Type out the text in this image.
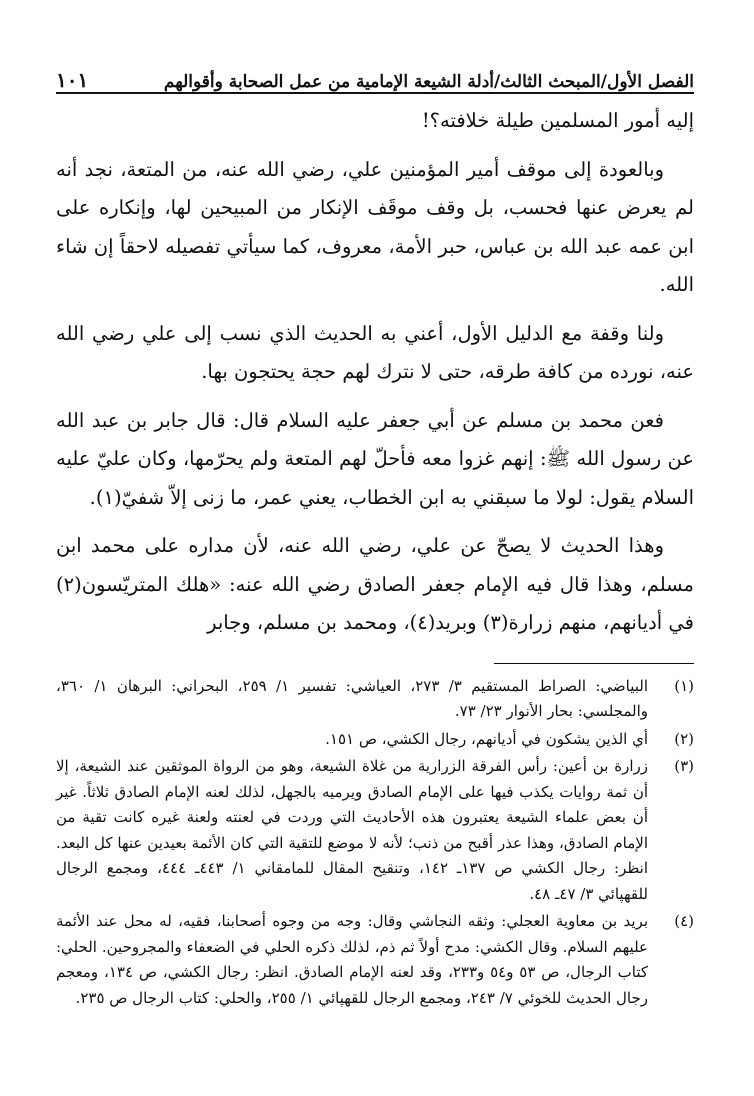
الفصل الأول/المبحث الثالث/أدلة الشيعة الإمامية من عمل الصحابة وأقوالهم
١٠١

إليه أمور المسلمين طيلة خلافته؟!

وبالعودة إلى موقف أمير المؤمنين علي، رضي الله عنه، من المتعة، نجد أنه لم يعرض عنها فحسب، بل وقف موقَف الإنكار من المبيحين لها، وإنكاره على ابن عمه عبد الله بن عباس، حبر الأمة، معروف، كما سيأتي تفصيله لاحقاً إن شاء الله.

ولنا وقفة مع الدليل الأول، أعني به الحديث الذي نسب إلى علي رضي الله عنه، نورده من كافة طرقه، حتى لا نترك لهم حجة يحتجون بها.

فعن محمد بن مسلم عن أبي جعفر عليه السلام قال: قال جابر بن عبد الله عن رسول الله ﷺ: إنهم غزوا معه فأحلّ لهم المتعة ولم يحرّمها، وكان عليّ عليه السلام يقول: لولا ما سبقني به ابن الخطاب، يعني عمر، ما زنى إلاّ شفيّ(١).

وهذا الحديث لا يصحّ عن علي، رضي الله عنه، لأن مداره على محمد ابن مسلم، وهذا قال فيه الإمام جعفر الصادق رضي الله عنه: «هلك المتريّسون(٢) في أديانهم، منهم زرارة(٣) وبريد(٤)، ومحمد بن مسلم، وجابر

(١)
البياضي: الصراط المستقيم ٣/ ٢٧٣، العياشي: تفسير ١/ ٢٥٩، البحراني: البرهان ١/ ٣٦٠، والمجلسي: بحار الأنوار ٢٣/ ٧٣.
(٢)
أي الذين يشكون في أديانهم، رجال الكشي، ص ١٥١.
(٣)
زرارة بن أعين: رأس الفرقة الزرارية من غلاة الشيعة، وهو من الرواة الموثقين عند الشيعة، إلا أن ثمة روايات يكذب فيها على الإمام الصادق ويرميه بالجهل، لذلك لعنه الإمام الصادق ثلاثاً. غير أن بعض علماء الشيعة يعتبرون هذه الأحاديث التي وردت في لعنته ولعنة غيره كانت تقية من الإمام الصادق، وهذا عذر أقبح من ذنب؛ لأنه لا موضع للتقية التي كان الأئمة بعيدين عنها كل البعد. انظر: رجال الكشي ص ١٣٧ـ ١٤٢، وتنقيح المقال للمامقاني ١/ ٤٤٣ـ ٤٤٤، ومجمع الرجال للقهپائي ٣/ ٤٧ـ ٤٨.
(٤)
بريد بن معاوية العجلي: وثقه النجاشي وقال: وجه من وجوه أصحابنا، فقيه، له محل عند الأئمة عليهم السلام. وقال الكشي: مدح أولاً ثم ذم، لذلك ذكره الحلي في الضعفاء والمجروحين. الحلي: كتاب الرجال، ص ٥٣ و٥٤ و٢٣٣، وقد لعنه الإمام الصادق. انظر: رجال الكشي، ص ١٣٤، ومعجم رجال الحديث للخوئي ٧/ ٢٤٣، ومجمع الرجال للقهپائي ١/ ٢٥٥، والحلي: كتاب الرجال ص ٢٣٥.
